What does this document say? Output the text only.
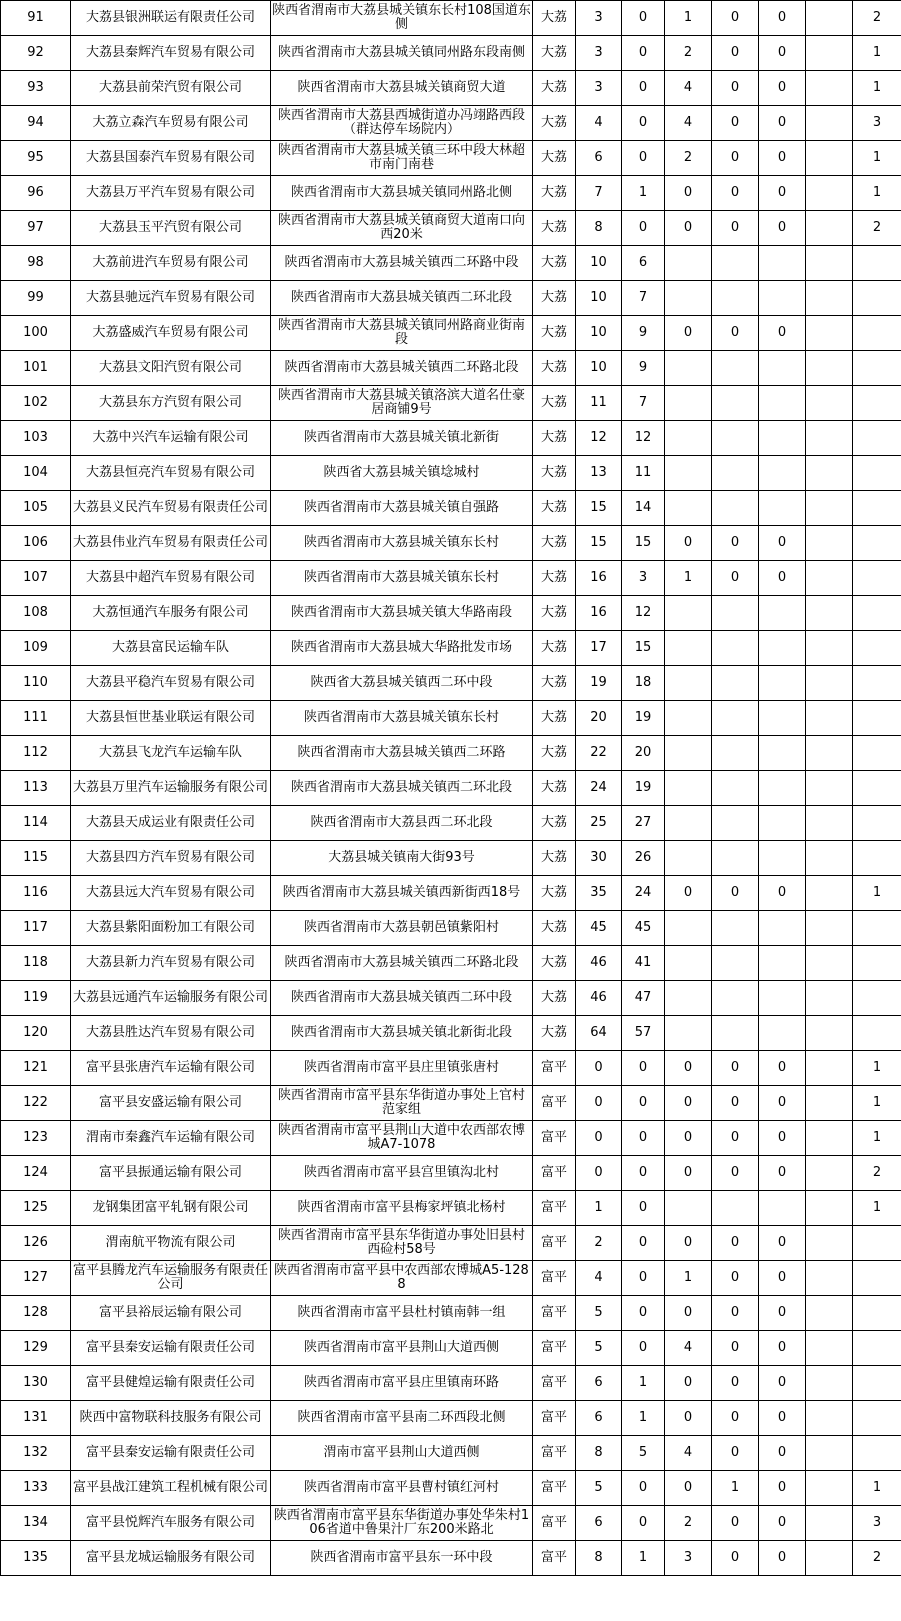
91	大荔县银洲联运有限责任公司	陕西省渭南市大荔县城关镇东长村108国道东侧	大荔	3	0	1	0	0		2
92	大荔县秦辉汽车贸易有限公司	陕西省渭南市大荔县城关镇同州路东段南侧	大荔	3	0	2	0	0		1
93	大荔县前荣汽贸有限公司	陕西省渭南市大荔县城关镇商贸大道	大荔	3	0	4	0	0		1
94	大荔立森汽车贸易有限公司	陕西省渭南市大荔县西城街道办冯翊路西段（群达停车场院内）	大荔	4	0	4	0	0		3
95	大荔县国泰汽车贸易有限公司	陕西省渭南市大荔县城关镇三环中段大林超市南门南巷	大荔	6	0	2	0	0		1
96	大荔县万平汽车贸易有限公司	陕西省渭南市大荔县城关镇同州路北侧	大荔	7	1	0	0	0		1
97	大荔县玉平汽贸有限公司	陕西省渭南市大荔县城关镇商贸大道南口向西20米	大荔	8	0	0	0	0		2
98	大荔前进汽车贸易有限公司	陕西省渭南市大荔县城关镇西二环路中段	大荔	10	6					
99	大荔县驰远汽车贸易有限公司	陕西省渭南市大荔县城关镇西二环北段	大荔	10	7					
100	大荔盛威汽车贸易有限公司	陕西省渭南市大荔县城关镇同州路商业街南段	大荔	10	9	0	0	0		
101	大荔县文阳汽贸有限公司	陕西省渭南市大荔县城关镇西二环路北段	大荔	10	9					
102	大荔县东方汽贸有限公司	陕西省渭南市大荔县城关镇洛滨大道名仕豪居商铺9号	大荔	11	7					
103	大荔中兴汽车运输有限公司	陕西省渭南市大荔县城关镇北新街	大荔	12	12					
104	大荔县恒亮汽车贸易有限公司	陕西省大荔县城关镇埝城村	大荔	13	11					
105	大荔县义民汽车贸易有限责任公司	陕西省渭南市大荔县城关镇自强路	大荔	15	14					
106	大荔县伟业汽车贸易有限责任公司	陕西省渭南市大荔县城关镇东长村	大荔	15	15	0	0	0		
107	大荔县中超汽车贸易有限公司	陕西省渭南市大荔县城关镇东长村	大荔	16	3	1	0	0		
108	大荔恒通汽车服务有限公司	陕西省渭南市大荔县城关镇大华路南段	大荔	16	12					
109	大荔县富民运输车队	陕西省渭南市大荔县城大华路批发市场	大荔	17	15					
110	大荔县平稳汽车贸易有限公司	陕西省大荔县城关镇西二环中段	大荔	19	18					
111	大荔县恒世基业联运有限公司	陕西省渭南市大荔县城关镇东长村	大荔	20	19					
112	大荔县飞龙汽车运输车队	陕西省渭南市大荔县城关镇西二环路	大荔	22	20					
113	大荔县万里汽车运输服务有限公司	陕西省渭南市大荔县城关镇西二环北段	大荔	24	19					
114	大荔县天成运业有限责任公司	陕西省渭南市大荔县西二环北段	大荔	25	27					
115	大荔县四方汽车贸易有限公司	大荔县城关镇南大街93号	大荔	30	26					
116	大荔县远大汽车贸易有限公司	陕西省渭南市大荔县城关镇西新街西18号	大荔	35	24	0	0	0		1
117	大荔县紫阳面粉加工有限公司	陕西省渭南市大荔县朝邑镇紫阳村	大荔	45	45					
118	大荔县新力汽车贸易有限公司	陕西省渭南市大荔县城关镇西二环路北段	大荔	46	41					
119	大荔县远通汽车运输服务有限公司	陕西省渭南市大荔县城关镇西二环中段	大荔	46	47					
120	大荔县胜达汽车贸易有限公司	陕西省渭南市大荔县城关镇北新街北段	大荔	64	57					
121	富平县张唐汽车运输有限公司	陕西省渭南市富平县庄里镇张唐村	富平	0	0	0	0	0		1
122	富平县安盛运输有限公司	陕西省渭南市富平县东华街道办事处上官村范家组	富平	0	0	0	0	0		1
123	渭南市秦鑫汽车运输有限公司	陕西省渭南市富平县荆山大道中农西部农博城A7-1078	富平	0	0	0	0	0		1
124	富平县振通运输有限公司	陕西省渭南市富平县宫里镇沟北村	富平	0	0	0	0	0		2
125	龙钢集团富平轧钢有限公司	陕西省渭南市富平县梅家坪镇北杨村	富平	1	0					1
126	渭南航平物流有限公司	陕西省渭南市富平县东华街道办事处旧县村西硷村58号	富平	2	0	0	0	0		
127	富平县腾龙汽车运输服务有限责任公司	陕西省渭南市富平县中农西部农博城A5-1288	富平	4	0	1	0	0		
128	富平县裕辰运输有限公司	陕西省渭南市富平县杜村镇南韩一组	富平	5	0	0	0	0		
129	富平县秦安运输有限责任公司	陕西省渭南市富平县荆山大道西侧	富平	5	0	4	0	0		
130	富平县健煌运输有限责任公司	陕西省渭南市富平县庄里镇南环路	富平	6	1	0	0	0		
131	陕西中富物联科技服务有限公司	陕西省渭南市富平县南二环西段北侧	富平	6	1	0	0	0		
132	富平县秦安运输有限责任公司	渭南市富平县荆山大道西侧	富平	8	5	4	0	0		
133	富平县战江建筑工程机械有限公司	陕西省渭南市富平县曹村镇红河村	富平	5	0	0	1	0		1
134	富平县悦辉汽车服务有限公司	陕西省渭南市富平县东华街道办事处华朱村106省道中鲁果汁厂东200米路北	富平	6	0	2	0	0		3
135	富平县龙城运输服务有限公司	陕西省渭南市富平县东一环中段	富平	8	1	3	0	0		2
